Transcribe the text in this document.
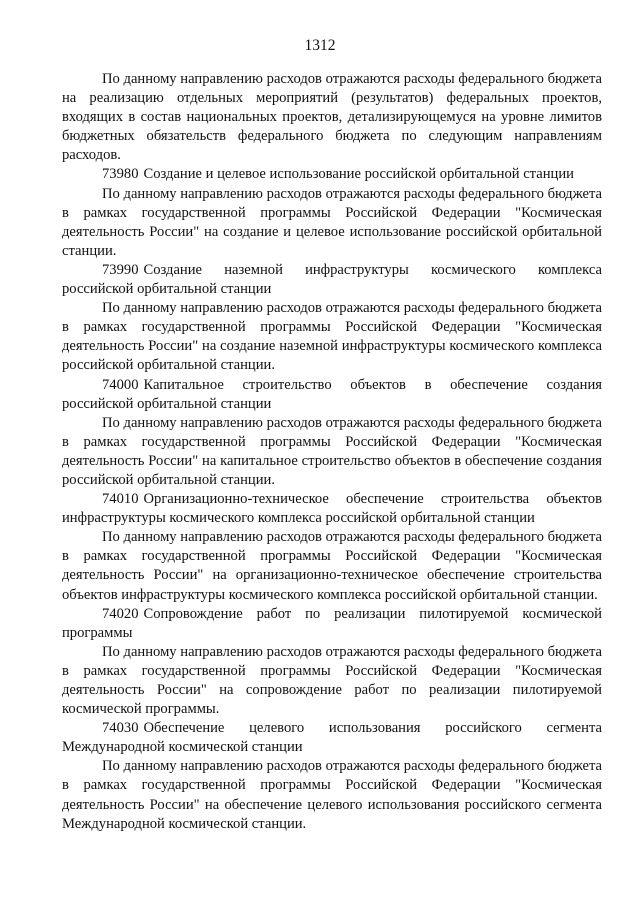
1312

По данному направлению расходов отражаются расходы федерального бюджета на реализацию отдельных мероприятий (результатов) федеральных проектов, входящих в состав национальных проектов, детализирующемуся на уровне лимитов бюджетных обязательств федерального бюджета по следующим направлениям расходов.

73980 Создание и целевое использование российской орбитальной станции

По данному направлению расходов отражаются расходы федерального бюджета в рамках государственной программы Российской Федерации "Космическая деятельность России" на создание и целевое использование российской орбитальной станции.

73990 Создание наземной инфраструктуры космического комплекса российской орбитальной станции

По данному направлению расходов отражаются расходы федерального бюджета в рамках государственной программы Российской Федерации "Космическая деятельность России" на создание наземной инфраструктуры космического комплекса российской орбитальной станции.

74000 Капитальное строительство объектов в обеспечение создания российской орбитальной станции

По данному направлению расходов отражаются расходы федерального бюджета в рамках государственной программы Российской Федерации "Космическая деятельность России" на капитальное строительство объектов в обеспечение создания российской орбитальной станции.

74010 Организационно-техническое обеспечение строительства объектов инфраструктуры космического комплекса российской орбитальной станции

По данному направлению расходов отражаются расходы федерального бюджета в рамках государственной программы Российской Федерации "Космическая деятельность России" на организационно-техническое обеспечение строительства объектов инфраструктуры космического комплекса российской орбитальной станции.

74020 Сопровождение работ по реализации пилотируемой космической программы

По данному направлению расходов отражаются расходы федерального бюджета в рамках государственной программы Российской Федерации "Космическая деятельность России" на сопровождение работ по реализации пилотируемой космической программы.

74030 Обеспечение целевого использования российского сегмента Международной космической станции

По данному направлению расходов отражаются расходы федерального бюджета в рамках государственной программы Российской Федерации "Космическая деятельность России" на обеспечение целевого использования российского сегмента Международной космической станции.
